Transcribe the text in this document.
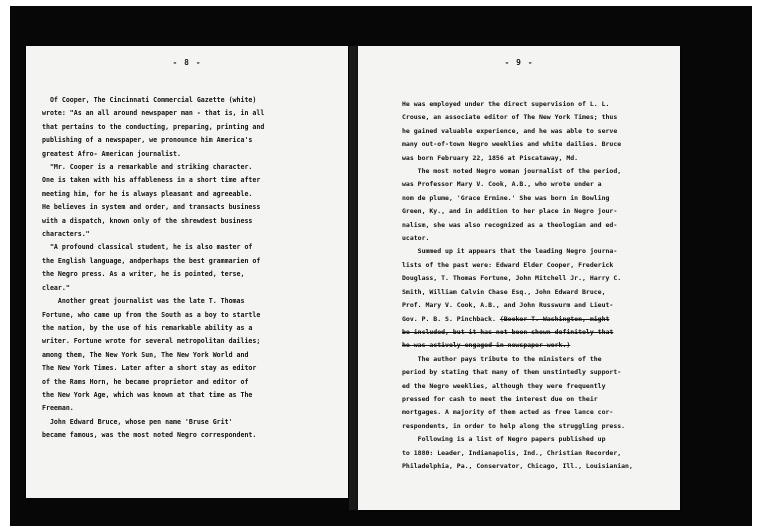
- 8 -
Of Cooper, The Cincinnati Commercial Gazette (white)
wrote: "As an all around newspaper man - that is, in all
that pertains to the conducting, preparing, printing and
publishing of a newspaper, we pronounce him America's
greatest Afro- American journalist.
"Mr. Cooper is a remarkable and striking character.
One is taken with his affableness in a short time after
meeting him, for he is always pleasant and agreeable.
He believes in system and order, and transacts business
with a dispatch, known only of the shrewdest business
characters."
"A profound classical student, he is also master of
the English language, andperhaps the best grammarien of
the Negro press. As a writer, he is pointed, terse,
clear."
Another great journalist was the late T. Thomas
Fortune, who came up from the South as a boy to startle
the nation, by the use of his remarkable ability as a
writer. Fortune wrote for several metropolitan dailies;
among them, The New York Sun, The New York World and
The New York Times. Later after a short stay as editor
of the Rams Horn, he became proprietor and editor of
the New York Age, which was known at that time as The
Freeman.
John Edward Bruce, whose pen name 'Bruse Grit'
became famous, was the most noted Negro correspondent.
- 9 -
He was employed under the direct supervision of L. L.
Crouse, an associate editor of The New York Times; thus
he gained valuable experience, and he was able to serve
many out-of-town Negro weeklies and white dailies. Bruce
was born February 22, 1856 at Piscataway, Md.
The most noted Negro woman journalist of the period,
was Professor Mary V. Cook, A.B., who wrote under a
nom de plume, 'Grace Ermine.' She was born in Bowling
Green, Ky., and in addition to her place in Negro jour-
nalism, she was also recognized as a theologian and ed-
ucator.
Summed up it appears that the leading Negro journa-
lists of the past were: Edward Elder Cooper, Frederick
Douglass, T. Thomas Fortune, John Mitchell Jr., Harry C.
Smith, William Calvin Chase Esq., John Edward Bruce,
Prof. Mary V. Cook, A.B., and John Russwurm and Lieut-
Gov. P. B. S. Pinchback. (Booker T. Washington, might
be included, but it has not been shown definitely that
he was actively engaged in newspaper work.)
The author pays tribute to the ministers of the
period by stating that many of them unstintedly support-
ed the Negro weeklies, although they were frequently
pressed for cash to meet the interest due on their
mortgages. A majority of them acted as free lance cor-
respondents, in order to help along the struggling press.
Following is a list of Negro papers published up
to 1880: Leader, Indianapolis, Ind., Christian Recorder,
Philadelphia, Pa., Conservator, Chicago, Ill., Louisianian,
